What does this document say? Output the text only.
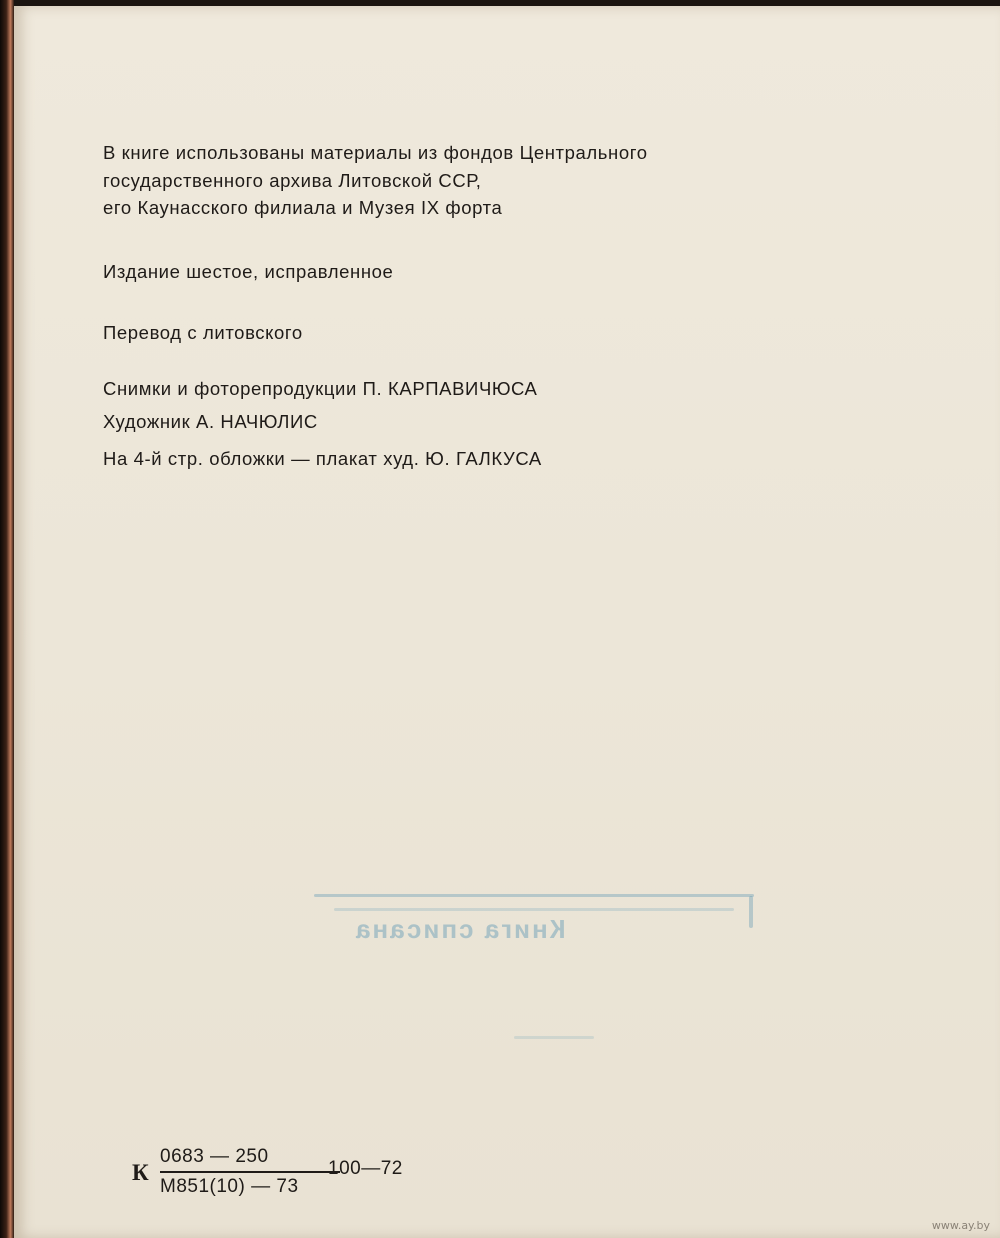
В книге использованы материалы из фондов Центрального
государственного архива Литовской ССР,
его Каунасского филиала и Музея IX форта
Издание шестое, исправленное
Перевод с литовского
Снимки и фоторепродукции П. КАРПАВИЧЮСА
Художник А. НАЧЮЛИС
На 4-й стр. обложки — плакат худ. Ю. ГАЛКУСА
Книга списана
К
0683 — 250
М851(10) — 73
100—72
www.ay.by
